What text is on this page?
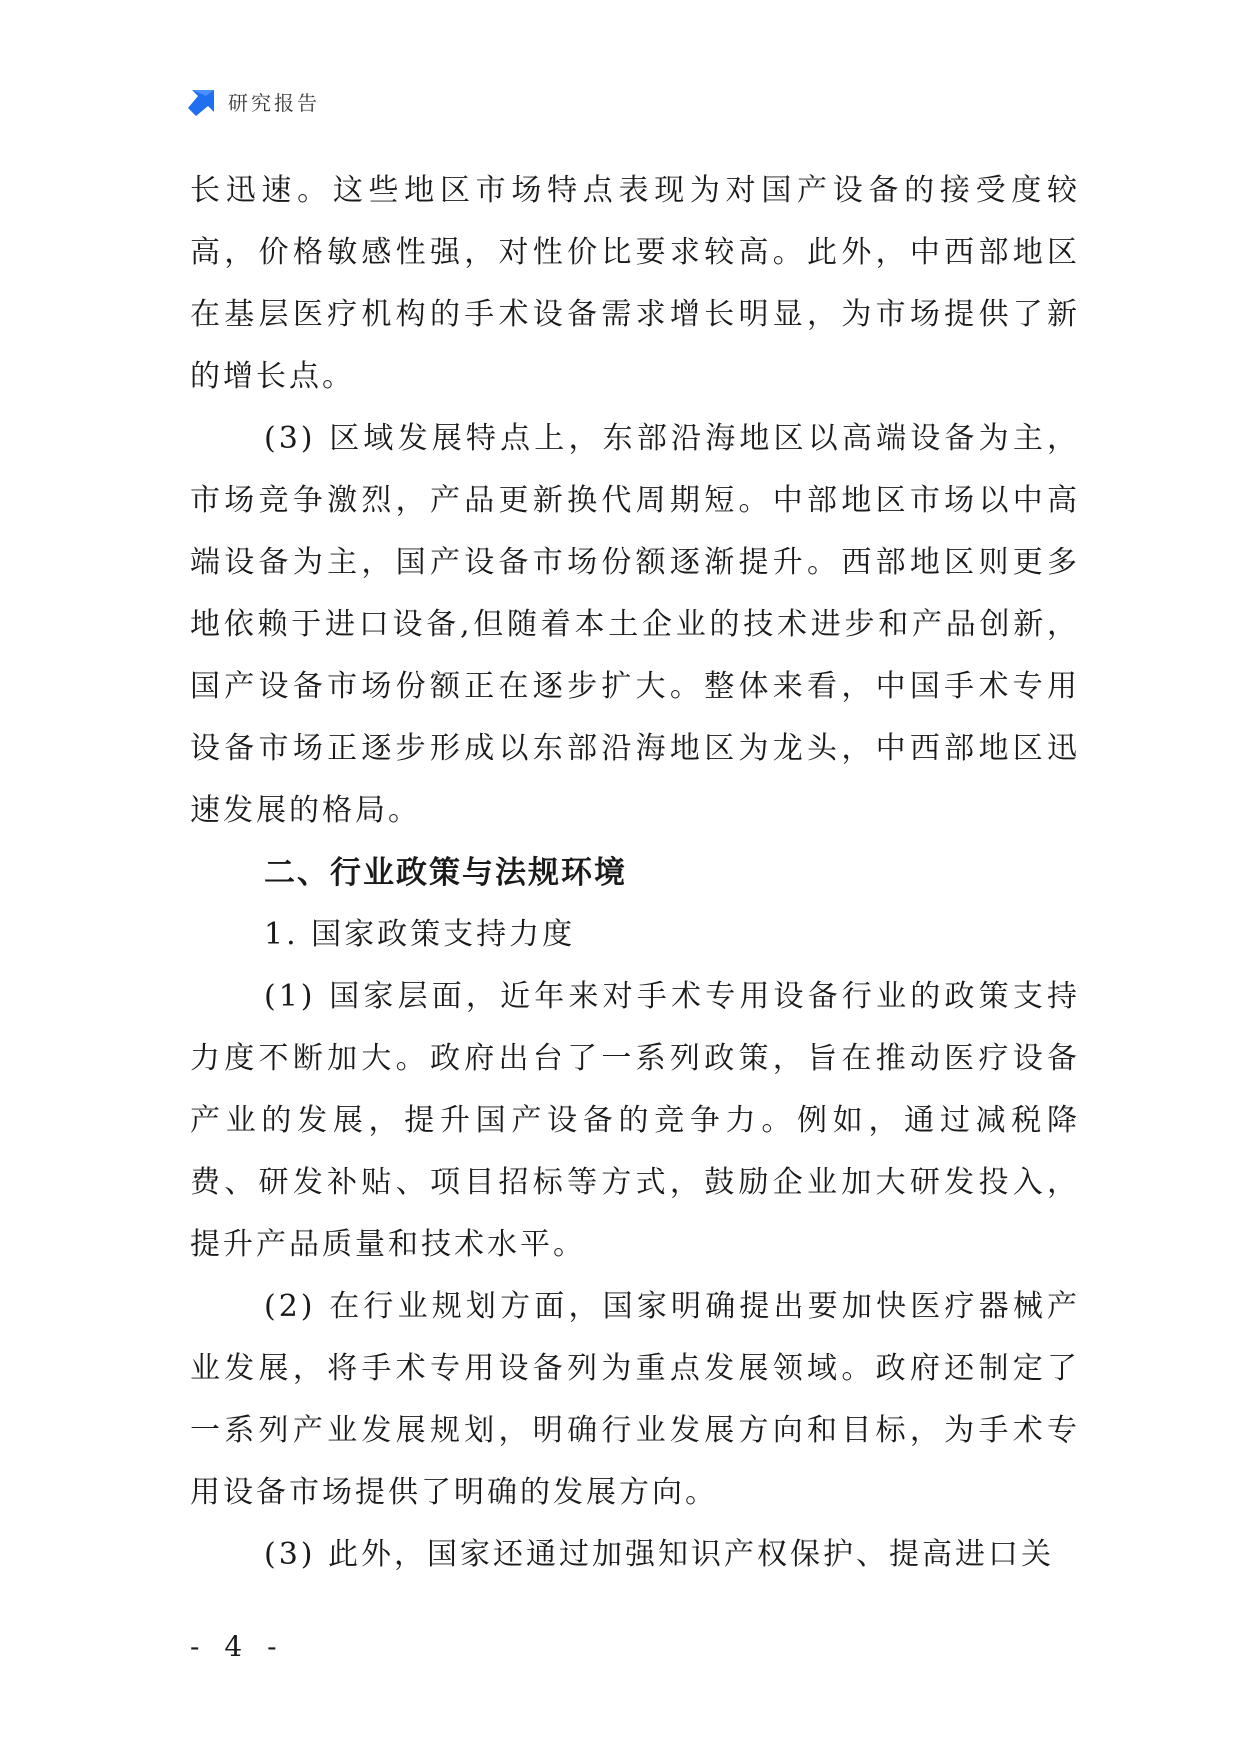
研究报告

长迅速。这些地区市场特点表现为对国产设备的接受度较高，价格敏感性强，对性价比要求较高。此外，中西部地区在基层医疗机构的手术设备需求增长明显，为市场提供了新的增长点。

(3) 区域发展特点上，东部沿海地区以高端设备为主，市场竞争激烈，产品更新换代周期短。中部地区市场以中高端设备为主，国产设备市场份额逐渐提升。西部地区则更多地依赖于进口设备,但随着本土企业的技术进步和产品创新，国产设备市场份额正在逐步扩大。整体来看，中国手术专用设备市场正逐步形成以东部沿海地区为龙头，中西部地区迅速发展的格局。

二、行业政策与法规环境
1. 国家政策支持力度

(1) 国家层面，近年来对手术专用设备行业的政策支持力度不断加大。政府出台了一系列政策，旨在推动医疗设备产业的发展，提升国产设备的竞争力。例如，通过减税降费、研发补贴、项目招标等方式，鼓励企业加大研发投入，提升产品质量和技术水平。

(2) 在行业规划方面，国家明确提出要加快医疗器械产业发展，将手术专用设备列为重点发展领域。政府还制定了一系列产业发展规划，明确行业发展方向和目标，为手术专用设备市场提供了明确的发展方向。

(3) 此外，国家还通过加强知识产权保护、提高进口关

- 4 -
